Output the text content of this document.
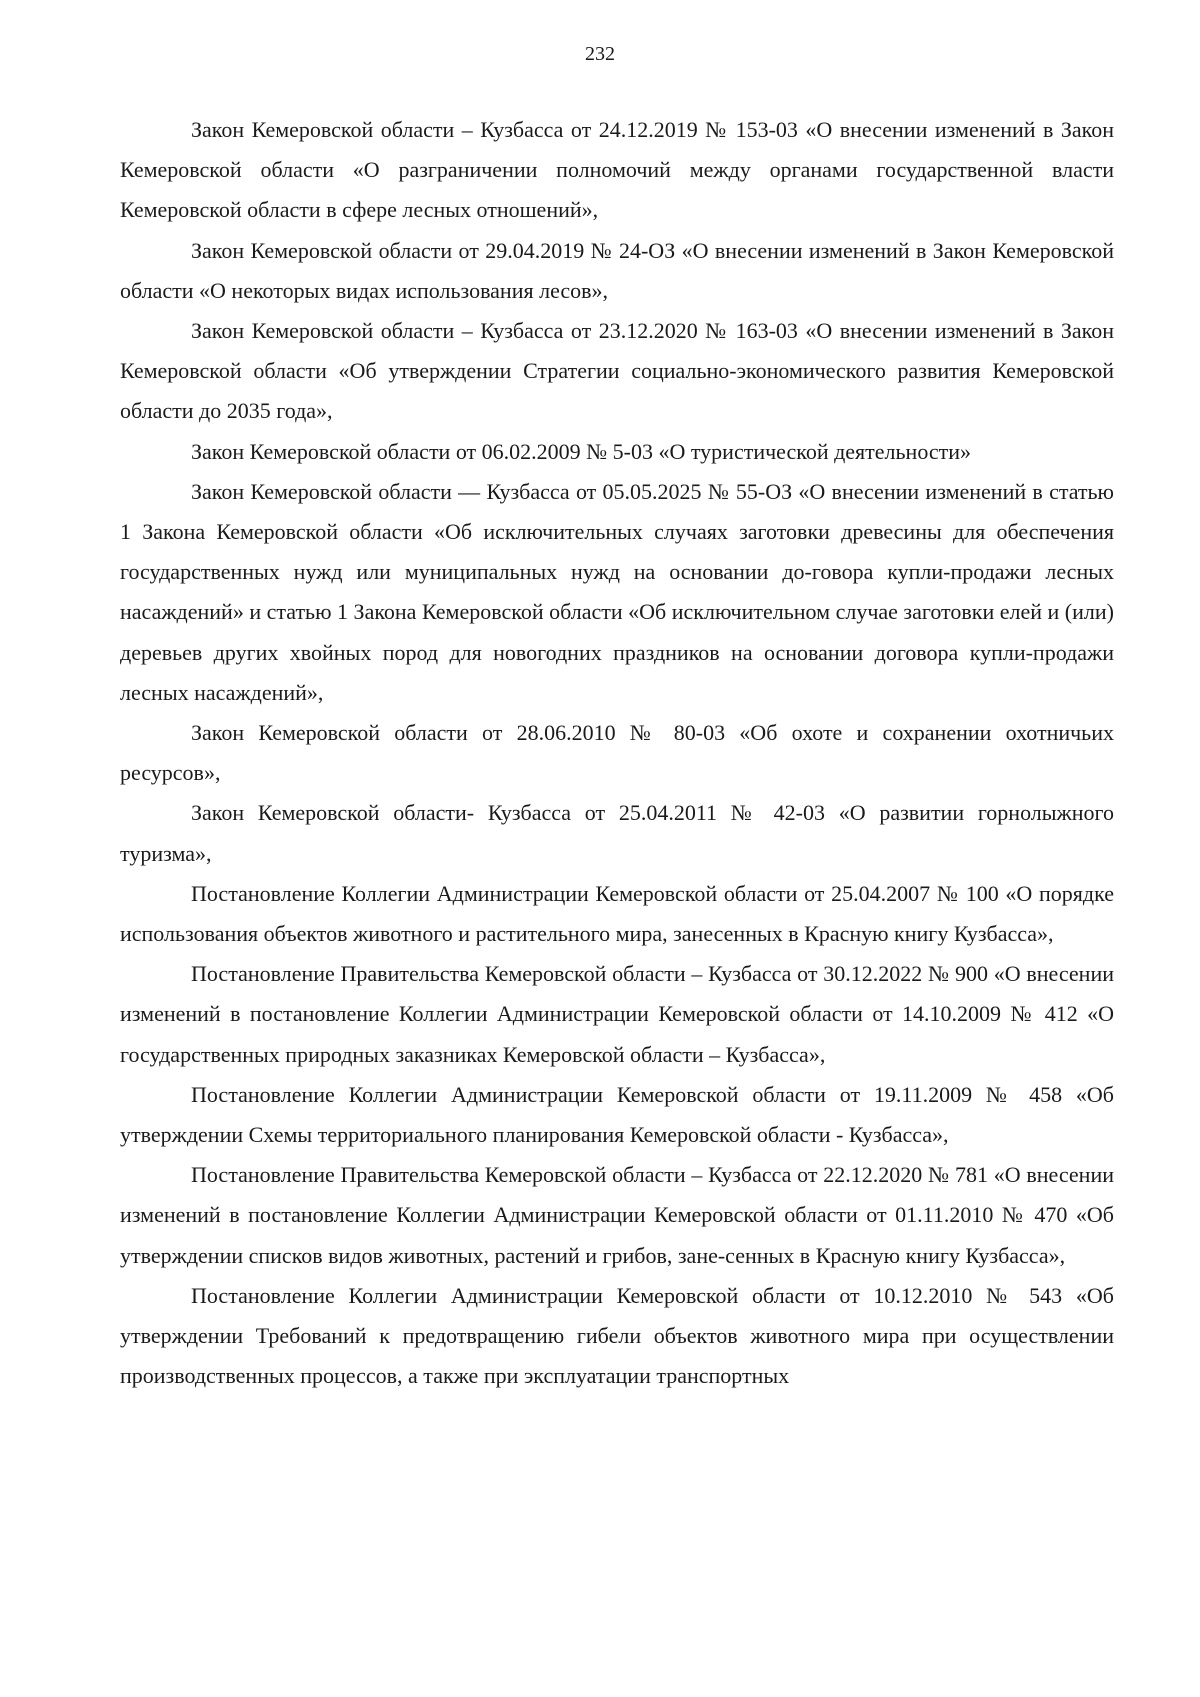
232

Закон Кемеровской области – Кузбасса от 24.12.2019 № 153-03 «О внесении изменений в Закон Кемеровской области «О разграничении полномочий между органами государственной власти Кемеровской области в сфере лесных отношений»,

Закон Кемеровской области от 29.04.2019 № 24-ОЗ «О внесении изменений в Закон Кемеровской области «О некоторых видах использования лесов»,

Закон Кемеровской области – Кузбасса от 23.12.2020 № 163-03 «О внесении изменений в Закон Кемеровской области «Об утверждении Стратегии социально-экономического развития Кемеровской области до 2035 года»,

Закон Кемеровской области от 06.02.2009 № 5-03 «О туристической деятельности»

Закон Кемеровской области — Кузбасса от 05.05.2025 № 55-ОЗ «О внесении изменений в статью 1 Закона Кемеровской области «Об исключительных случаях заготовки древесины для обеспечения государственных нужд или муниципальных нужд на основании до-говора купли-продажи лесных насаждений» и статью 1 Закона Кемеровской области «Об исключительном случае заготовки елей и (или) деревьев других хвойных пород для новогодних праздников на основании договора купли-продажи лесных насаждений»,

Закон Кемеровской области от 28.06.2010 № 80-03 «Об охоте и сохранении охотничьих ресурсов»,

Закон Кемеровской области- Кузбасса от 25.04.2011 № 42-03 «О развитии горнолыжного туризма»,

Постановление Коллегии Администрации Кемеровской области от 25.04.2007 № 100 «О порядке использования объектов животного и растительного мира, занесенных в Красную книгу Кузбасса»,

Постановление Правительства Кемеровской области – Кузбасса от 30.12.2022 № 900 «О внесении изменений в постановление Коллегии Администрации Кемеровской области от 14.10.2009 № 412 «О государственных природных заказниках Кемеровской области – Кузбасса»,

Постановление Коллегии Администрации Кемеровской области от 19.11.2009 № 458 «Об утверждении Схемы территориального планирования Кемеровской области - Кузбасса»,

Постановление Правительства Кемеровской области – Кузбасса от 22.12.2020 № 781 «О внесении изменений в постановление Коллегии Администрации Кемеровской области от 01.11.2010 № 470 «Об утверждении списков видов животных, растений и грибов, зане-сенных в Красную книгу Кузбасса»,

Постановление Коллегии Администрации Кемеровской области от 10.12.2010 № 543 «Об утверждении Требований к предотвращению гибели объектов животного мира при осуществлении производственных процессов, а также при эксплуатации транспортных
